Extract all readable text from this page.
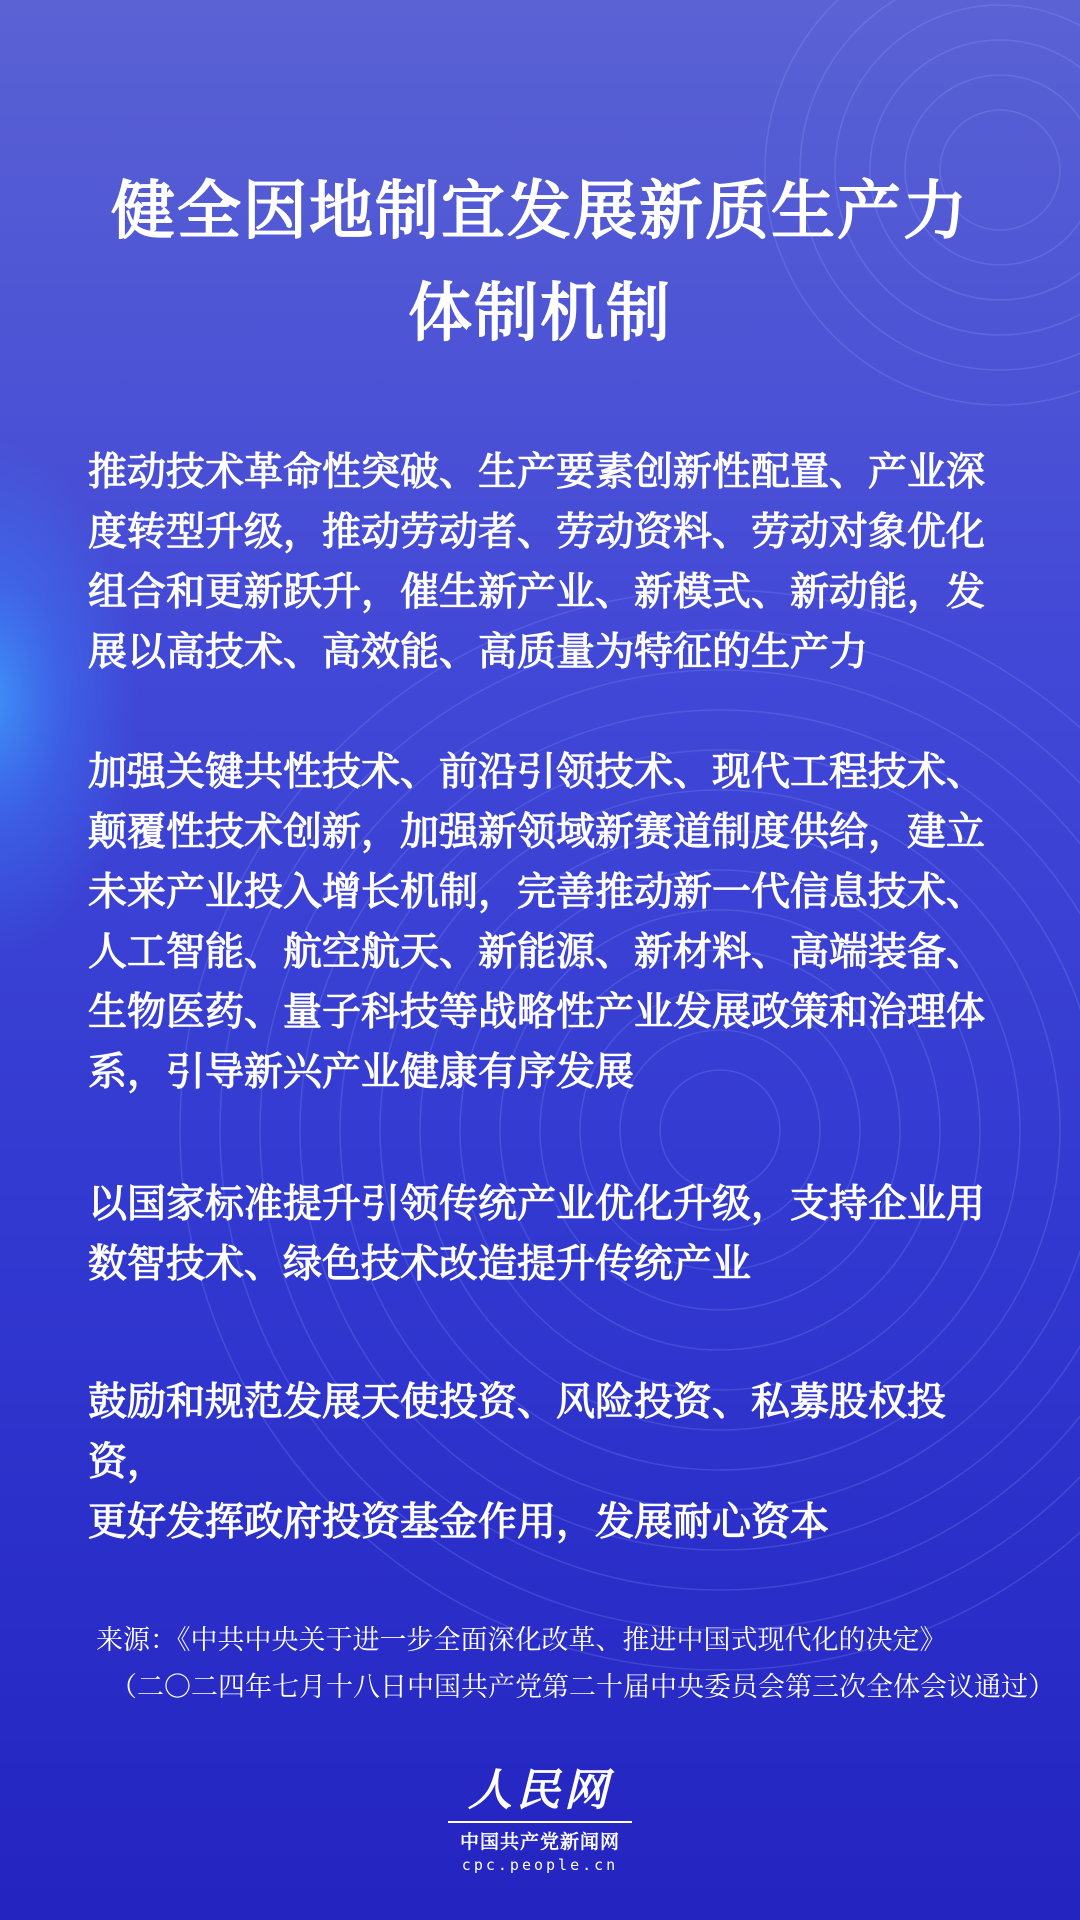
健全因地制宜发展新质生产力
体制机制
推动技术革命性突破、生产要素创新性配置、产业深
度转型升级，推动劳动者、劳动资料、劳动对象优化
组合和更新跃升，催生新产业、新模式、新动能，发
展以高技术、高效能、高质量为特征的生产力
加强关键共性技术、前沿引领技术、现代工程技术、
颠覆性技术创新，加强新领域新赛道制度供给，建立
未来产业投入增长机制，完善推动新一代信息技术、
人工智能、航空航天、新能源、新材料、高端装备、
生物医药、量子科技等战略性产业发展政策和治理体
系，引导新兴产业健康有序发展
以国家标准提升引领传统产业优化升级，支持企业用
数智技术、绿色技术改造提升传统产业
鼓励和规范发展天使投资、风险投资、私募股权投资，
更好发挥政府投资基金作用，发展耐心资本
来源：《中共中央关于进一步全面深化改革、推进中国式现代化的决定》
（二〇二四年七月十八日中国共产党第二十届中央委员会第三次全体会议通过）
人民网
中国共产党新闻网
cpc.people.cn
